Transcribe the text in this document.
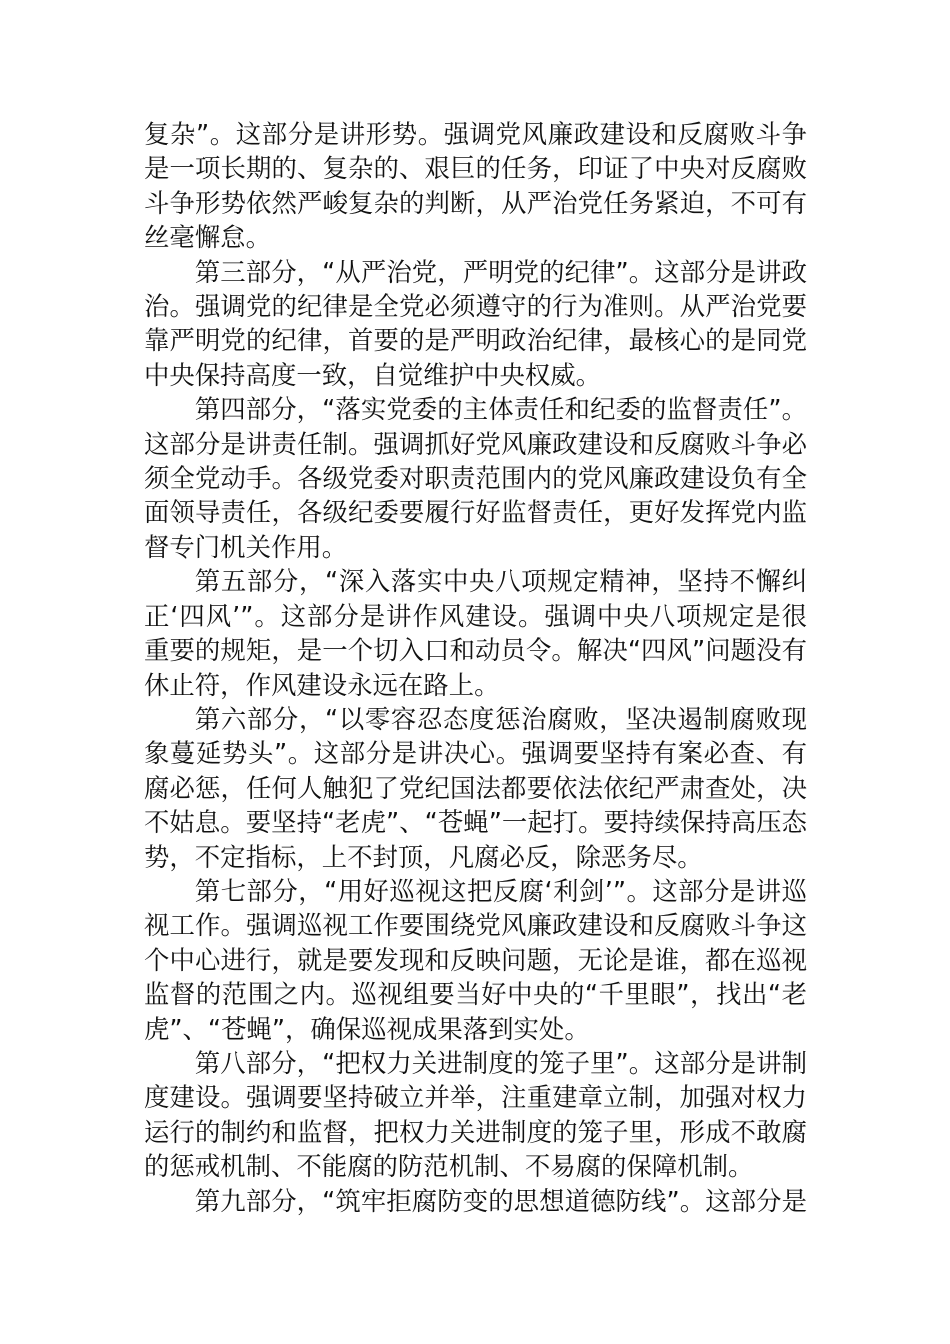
复杂”。这部分是讲形势。强调党风廉政建设和反腐败斗争是一项长期的、复杂的、艰巨的任务，印证了中央对反腐败斗争形势依然严峻复杂的判断，从严治党任务紧迫，不可有丝毫懈怠。

第三部分，“从严治党，严明党的纪律”。这部分是讲政治。强调党的纪律是全党必须遵守的行为准则。从严治党要靠严明党的纪律，首要的是严明政治纪律，最核心的是同党中央保持高度一致，自觉维护中央权威。

第四部分，“落实党委的主体责任和纪委的监督责任”。这部分是讲责任制。强调抓好党风廉政建设和反腐败斗争必须全党动手。各级党委对职责范围内的党风廉政建设负有全面领导责任，各级纪委要履行好监督责任，更好发挥党内监督专门机关作用。

第五部分，“深入落实中央八项规定精神，坚持不懈纠正‘四风’”。这部分是讲作风建设。强调中央八项规定是很重要的规矩，是一个切入口和动员令。解决“四风”问题没有休止符，作风建设永远在路上。

第六部分，“以零容忍态度惩治腐败，坚决遏制腐败现象蔓延势头”。这部分是讲决心。强调要坚持有案必查、有腐必惩，任何人触犯了党纪国法都要依法依纪严肃查处，决不姑息。要坚持“老虎”、“苍蝇”一起打。要持续保持高压态势，不定指标，上不封顶，凡腐必反，除恶务尽。

第七部分，“用好巡视这把反腐‘利剑’”。这部分是讲巡视工作。强调巡视工作要围绕党风廉政建设和反腐败斗争这个中心进行，就是要发现和反映问题，无论是谁，都在巡视监督的范围之内。巡视组要当好中央的“千里眼”，找出“老虎”、“苍蝇”，确保巡视成果落到实处。

第八部分，“把权力关进制度的笼子里”。这部分是讲制度建设。强调要坚持破立并举，注重建章立制，加强对权力运行的制约和监督，把权力关进制度的笼子里，形成不敢腐的惩戒机制、不能腐的防范机制、不易腐的保障机制。

第九部分，“筑牢拒腐防变的思想道德防线”。这部分是
